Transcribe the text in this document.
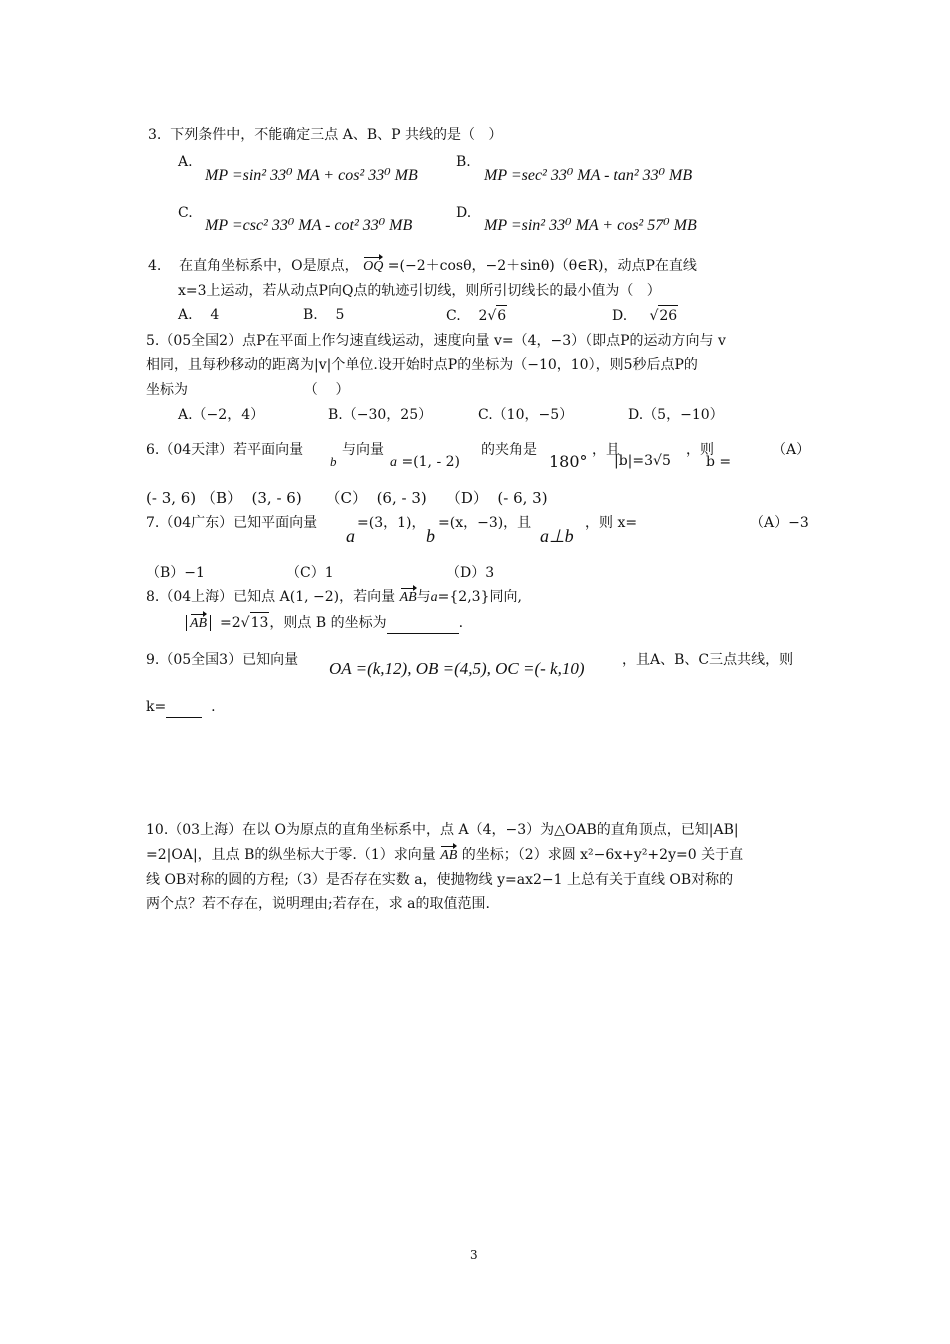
3.  下列条件中，不能确定三点 A、B、P 共线的是（   ）
A.
MP =sin² 33⁰ MA + cos² 33⁰ MB
B.
MP =sec² 33⁰ MA - tan² 33⁰ MB
C.
MP =csc² 33⁰ MA - cot² 33⁰ MB
D.
MP =sin² 33⁰ MA + cos² 57⁰ MB
4. 在直角坐标系中，O是原点， OQ =(−2＋cosθ，−2＋sinθ)（θ∈R)，动点P在直线
x=3上运动，若从动点P向Q点的轨迹引切线，则所引切线长的最小值为（   ）
A.    4	B.    5	C.    2√6	D. √26
5.（05全国2）点P在平面上作匀速直线运动，速度向量 v=（4，−3）（即点P的运动方向与 v
相同，且每秒移动的距离为|v|个单位.设开始时点P的坐标为（−10，10），则5秒后点P的
坐标为                          （    ）
A.（−2，4）	B.（−30，25）	C.（10，−5）	D.（5，−10）
6.（04天津）若平面向量
b
与向量
a =(1, - 2)
的夹角是
180°
，且
|b|=3√5
，则
b =
（A）
(- 3, 6) （B） (3, - 6) （C） (6, - 3) （D） (- 6, 3)
7.（04广东）已知平面向量
a
=(3，1)，
b
=(x，−3)，且
a⊥b
，则 x=	（A）−3
（B）−1	（C）1	（D）3
8.（04上海）已知点 A(1, −2)，若向量 AB与a={2,3}同向,
AB =2√13，则点 B 的坐标为	.
9.（05全国3）已知向量 OA =(k,12), OB =(4,5), OC =(- k,10)	，且A、B、C三点共线，则
k=	.
10.（03上海）在以 O为原点的直角坐标系中，点 A（4，−3）为△OAB的直角顶点，已知|AB|
=2|OA|，且点 B的纵坐标大于零.（1）求向量 AB 的坐标；（2）求圆 x²−6x+y²+2y=0 关于直
线 OB对称的圆的方程;（3）是否存在实数 a，使抛物线 y=ax2−1 上总有关于直线 OB对称的
两个点？若不存在，说明理由;若存在，求 a的取值范围.
3
